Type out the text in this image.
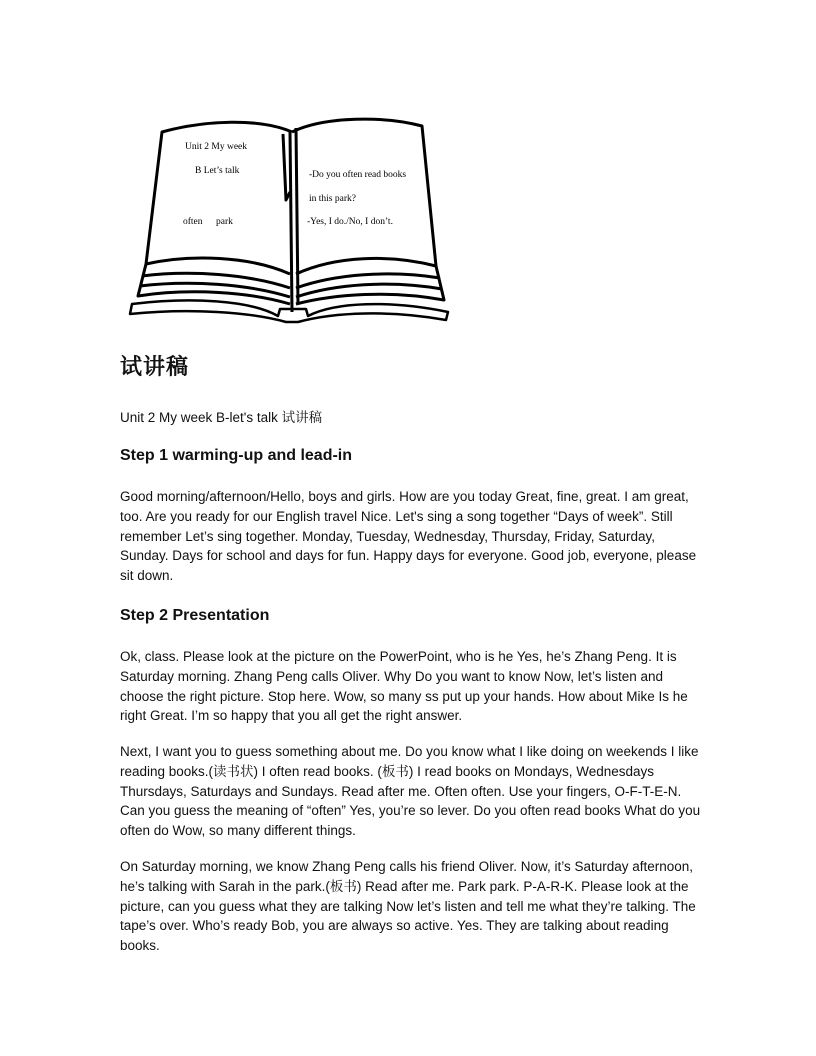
Unit 2 My week
B Let’s talk
often park
-Do you often read books
in this park?
-Yes, I do./No, I don’t.
试讲稿

Unit 2 My week B-let's talk 试讲稿

Step 1 warming-up and lead-in

Good morning/afternoon/Hello, boys and girls. How are you today Great, fine, great. I am great, too. Are you ready for our English travel Nice. Let's sing a song together “Days of week”. Still remember Let’s sing together. Monday, Tuesday, Wednesday, Thursday, Friday, Saturday, Sunday. Days for school and days for fun. Happy days for everyone. Good job, everyone, please sit down.

Step 2 Presentation

Ok, class. Please look at the picture on the PowerPoint, who is he Yes, he’s Zhang Peng. It is Saturday morning. Zhang Peng calls Oliver. Why Do you want to know Now, let’s listen and choose the right picture. Stop here. Wow, so many ss put up your hands. How about Mike Is he right Great. I’m so happy that you all get the right answer.

Next, I want you to guess something about me. Do you know what I like doing on weekends I like reading books.(读书状) I often read books. (板书) I read books on Mondays, Wednesdays Thursdays, Saturdays and Sundays. Read after me. Often often. Use your fingers, O-F-T-E-N. Can you guess the meaning of “often” Yes, you’re so lever. Do you often read books What do you often do Wow, so many different things.

On Saturday morning, we know Zhang Peng calls his friend Oliver. Now, it’s Saturday afternoon, he’s talking with Sarah in the park.(板书) Read after me. Park park. P-A-R-K. Please look at the picture, can you guess what they are talking Now let’s listen and tell me what they’re talking. The tape’s over. Who’s ready Bob, you are always so active. Yes. They are talking about reading books.
